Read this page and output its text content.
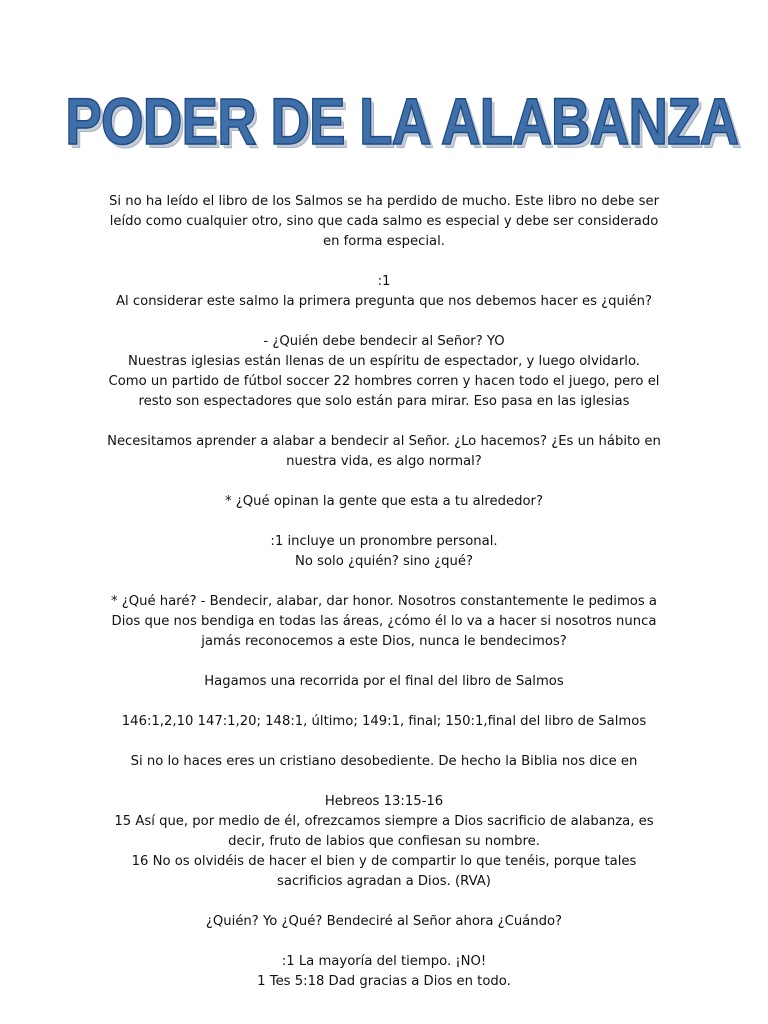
PODER DE LA ALABANZA
Si no ha leído el libro de los Salmos se ha perdido de mucho. Este libro no debe ser
leído como cualquier otro, sino que cada salmo es especial y debe ser considerado
en forma especial.
:1
Al considerar este salmo la primera pregunta que nos debemos hacer es ¿quién?
- ¿Quién debe bendecir al Señor? YO
Nuestras iglesias están llenas de un espíritu de espectador, y luego olvidarlo.
Como un partido de fútbol soccer 22 hombres corren y hacen todo el juego, pero el
resto son espectadores que solo están para mirar. Eso pasa en las iglesias
Necesitamos aprender a alabar a bendecir al Señor. ¿Lo hacemos? ¿Es un hábito en
nuestra vida, es algo normal?
* ¿Qué opinan la gente que esta a tu alrededor?
:1 incluye un pronombre personal.
No solo ¿quién? sino ¿qué?
* ¿Qué haré? - Bendecir, alabar, dar honor. Nosotros constantemente le pedimos a
Dios que nos bendiga en todas las áreas, ¿cómo él lo va a hacer si nosotros nunca
jamás reconocemos a este Dios, nunca le bendecimos?
Hagamos una recorrida por el final del libro de Salmos
146:1,2,10 147:1,20; 148:1, último; 149:1, final; 150:1,final del libro de Salmos
Si no lo haces eres un cristiano desobediente. De hecho la Biblia nos dice en
Hebreos 13:15-16
15 Así que, por medio de él, ofrezcamos siempre a Dios sacrificio de alabanza, es
decir, fruto de labios que confiesan su nombre.
16 No os olvidéis de hacer el bien y de compartir lo que tenéis, porque tales
sacrificios agradan a Dios. (RVA)
¿Quién? Yo ¿Qué? Bendeciré al Señor ahora ¿Cuándo?
:1 La mayoría del tiempo. ¡NO!
1 Tes 5:18 Dad gracias a Dios en todo.
